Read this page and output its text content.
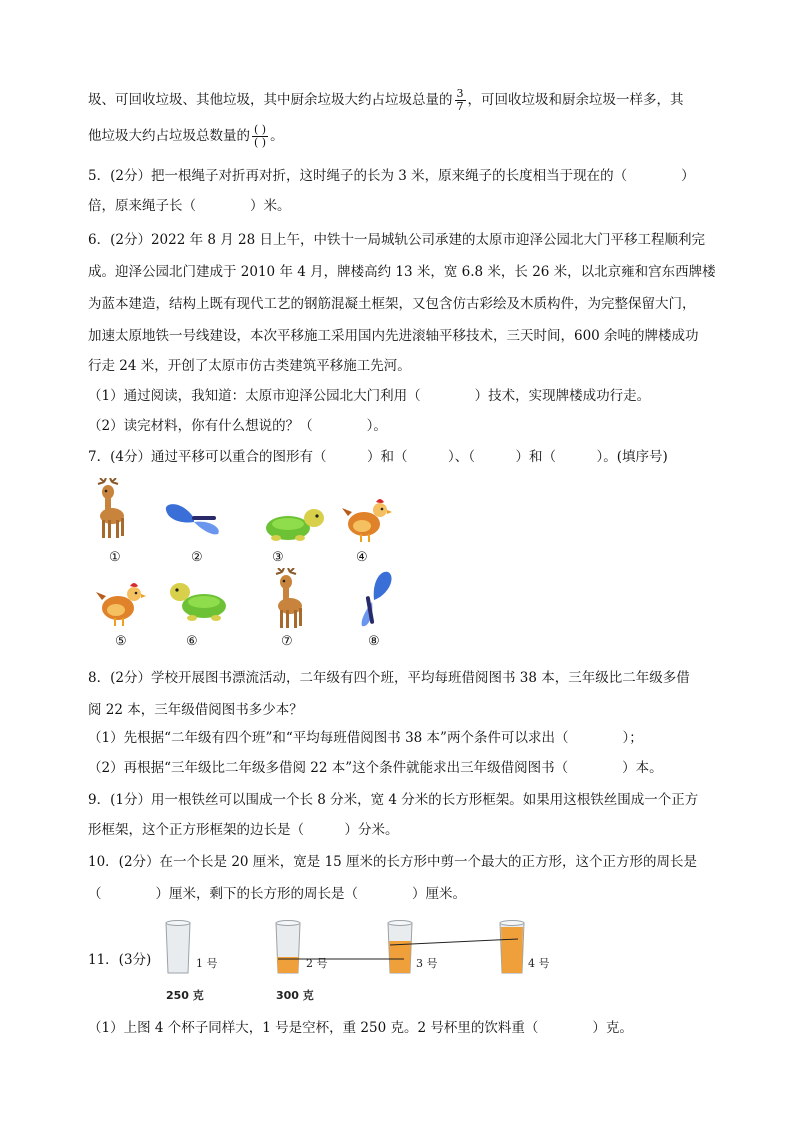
圾、可回收垃圾、其他垃圾，其中厨余垃圾大约占垃圾总量的 $\frac{3}{7}$ ，可回收垃圾和厨余垃圾一样多，其
他垃圾大约占垃圾总数量的 $\frac{( )}{( )}$ 。
5．(2分）把一根绳子对折再对折，这时绳子的长为 3 米，原来绳子的长度相当于现在的（　　　　）
倍，原来绳子长（　　　　）米。
6．(2分）2022 年 8 月 28 日上午，中铁十一局城轨公司承建的太原市迎泽公园北大门平移工程顺利完
成。迎泽公园北门建成于 2010 年 4 月，牌楼高约 13 米，宽 6.8 米，长 26 米，以北京雍和宫东西牌楼
为蓝本建造，结构上既有现代工艺的钢筋混凝土框架，又包含仿古彩绘及木质构件，为完整保留大门，
加速太原地铁一号线建设，本次平移施工采用国内先进滚轴平移技术，三天时间，600 余吨的牌楼成功
行走 24 米，开创了太原市仿古类建筑平移施工先河。
（1）通过阅读，我知道：太原市迎泽公园北大门利用（　　　　）技术，实现牌楼成功行走。
（2）读完材料，你有什么想说的？（　　　　）。
7．(4分）通过平移可以重合的图形有（　　　）和（　　　）、（　　　）和（　　　）。(填序号)
①	②	③	④
⑤	⑥	⑦	⑧
8．(2分）学校开展图书漂流活动，二年级有四个班，平均每班借阅图书 38 本，三年级比二年级多借
阅 22 本，三年级借阅图书多少本？
（1）先根据“二年级有四个班”和“平均每班借阅图书 38 本”两个条件可以求出（　　　　）；
（2）再根据“三年级比二年级多借阅 22 本”这个条件就能求出三年级借阅图书（　　　　）本。
9．(1分）用一根铁丝可以围成一个长 8 分米，宽 4 分米的长方形框架。如果用这根铁丝围成一个正方
形框架，这个正方形框架的边长是（　　　）分米。
10．(2分）在一个长是 20 厘米，宽是 15 厘米的长方形中剪一个最大的正方形，这个正方形的周长是
（　　　　）厘米，剩下的长方形的周长是（　　　　）厘米。
11．(3分)	1 号	2 号	3 号	4 号
250 克	300 克
（1）上图 4 个杯子同样大，1 号是空杯，重 250 克。2 号杯里的饮料重（　　　　）克。
